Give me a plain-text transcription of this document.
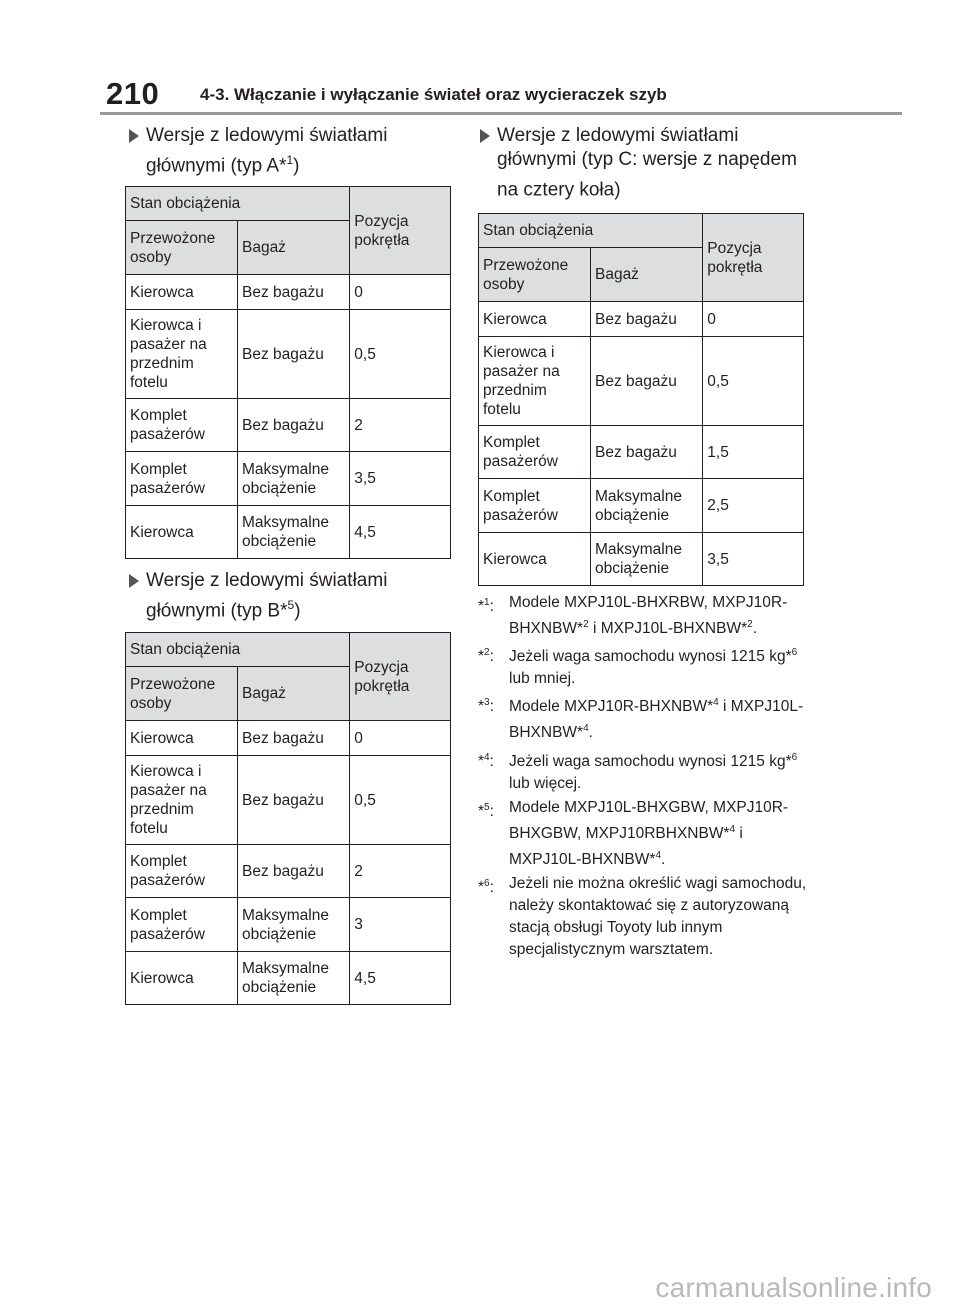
210 4-3. Włączanie i wyłączanie świateł oraz wycieraczek szyb
Wersje z ledowymi światłami głównymi (typ A*$^1$)
Stan obciążenia		Pozycja pokrętła
Przewożone osoby	Bagaż	
Kierowca	Bez bagażu	0
Kierowca i pasażer na przednim fotelu	Bez bagażu	0,5
Komplet pasażerów	Bez bagażu	2
Komplet pasażerów	Maksymalne obciążenie	3,5
Kierowca	Maksymalne obciążenie	4,5
Wersje z ledowymi światłami głównymi (typ B*$^5$)
Stan obciążenia		Pozycja pokrętła
Przewożone osoby	Bagaż	
Kierowca	Bez bagażu	0
Kierowca i pasażer na przednim fotelu	Bez bagażu	0,5
Komplet pasażerów	Bez bagażu	2
Komplet pasażerów	Maksymalne obciążenie	3
Kierowca	Maksymalne obciążenie	4,5
Wersje z ledowymi światłami głównymi (typ C: wersje z napędem na cztery koła)
Stan obciążenia		Pozycja pokrętła
Przewożone osoby	Bagaż	
Kierowca	Bez bagażu	0
Kierowca i pasażer na przednim fotelu	Bez bagażu	0,5
Komplet pasażerów	Bez bagażu	1,5
Komplet pasażerów	Maksymalne obciążenie	2,5
Kierowca	Maksymalne obciążenie	3,5
*$^1$: Modele MXPJ10L-BHXRBW, MXPJ10R-BHXNBW*$^2$ i MXPJ10L-BHXNBW*$^2$.
*$^2$: Jeżeli waga samochodu wynosi 1215 kg*$^6$ lub mniej.
*$^3$: Modele MXPJ10R-BHXNBW*$^4$ i MXPJ10L-BHXNBW*$^4$.
*$^4$: Jeżeli waga samochodu wynosi 1215 kg*$^6$ lub więcej.
*$^5$: Modele MXPJ10L-BHXGBW, MXPJ10R-BHXGBW, MXPJ10RBHXNBW*$^4$ i MXPJ10L-BHXNBW*$^4$.
*$^6$: Jeżeli nie można określić wagi samochodu, należy skontaktować się z autoryzowaną stacją obsługi Toyoty lub innym specjalistycznym warsztatem.
carmanualsonline.info
